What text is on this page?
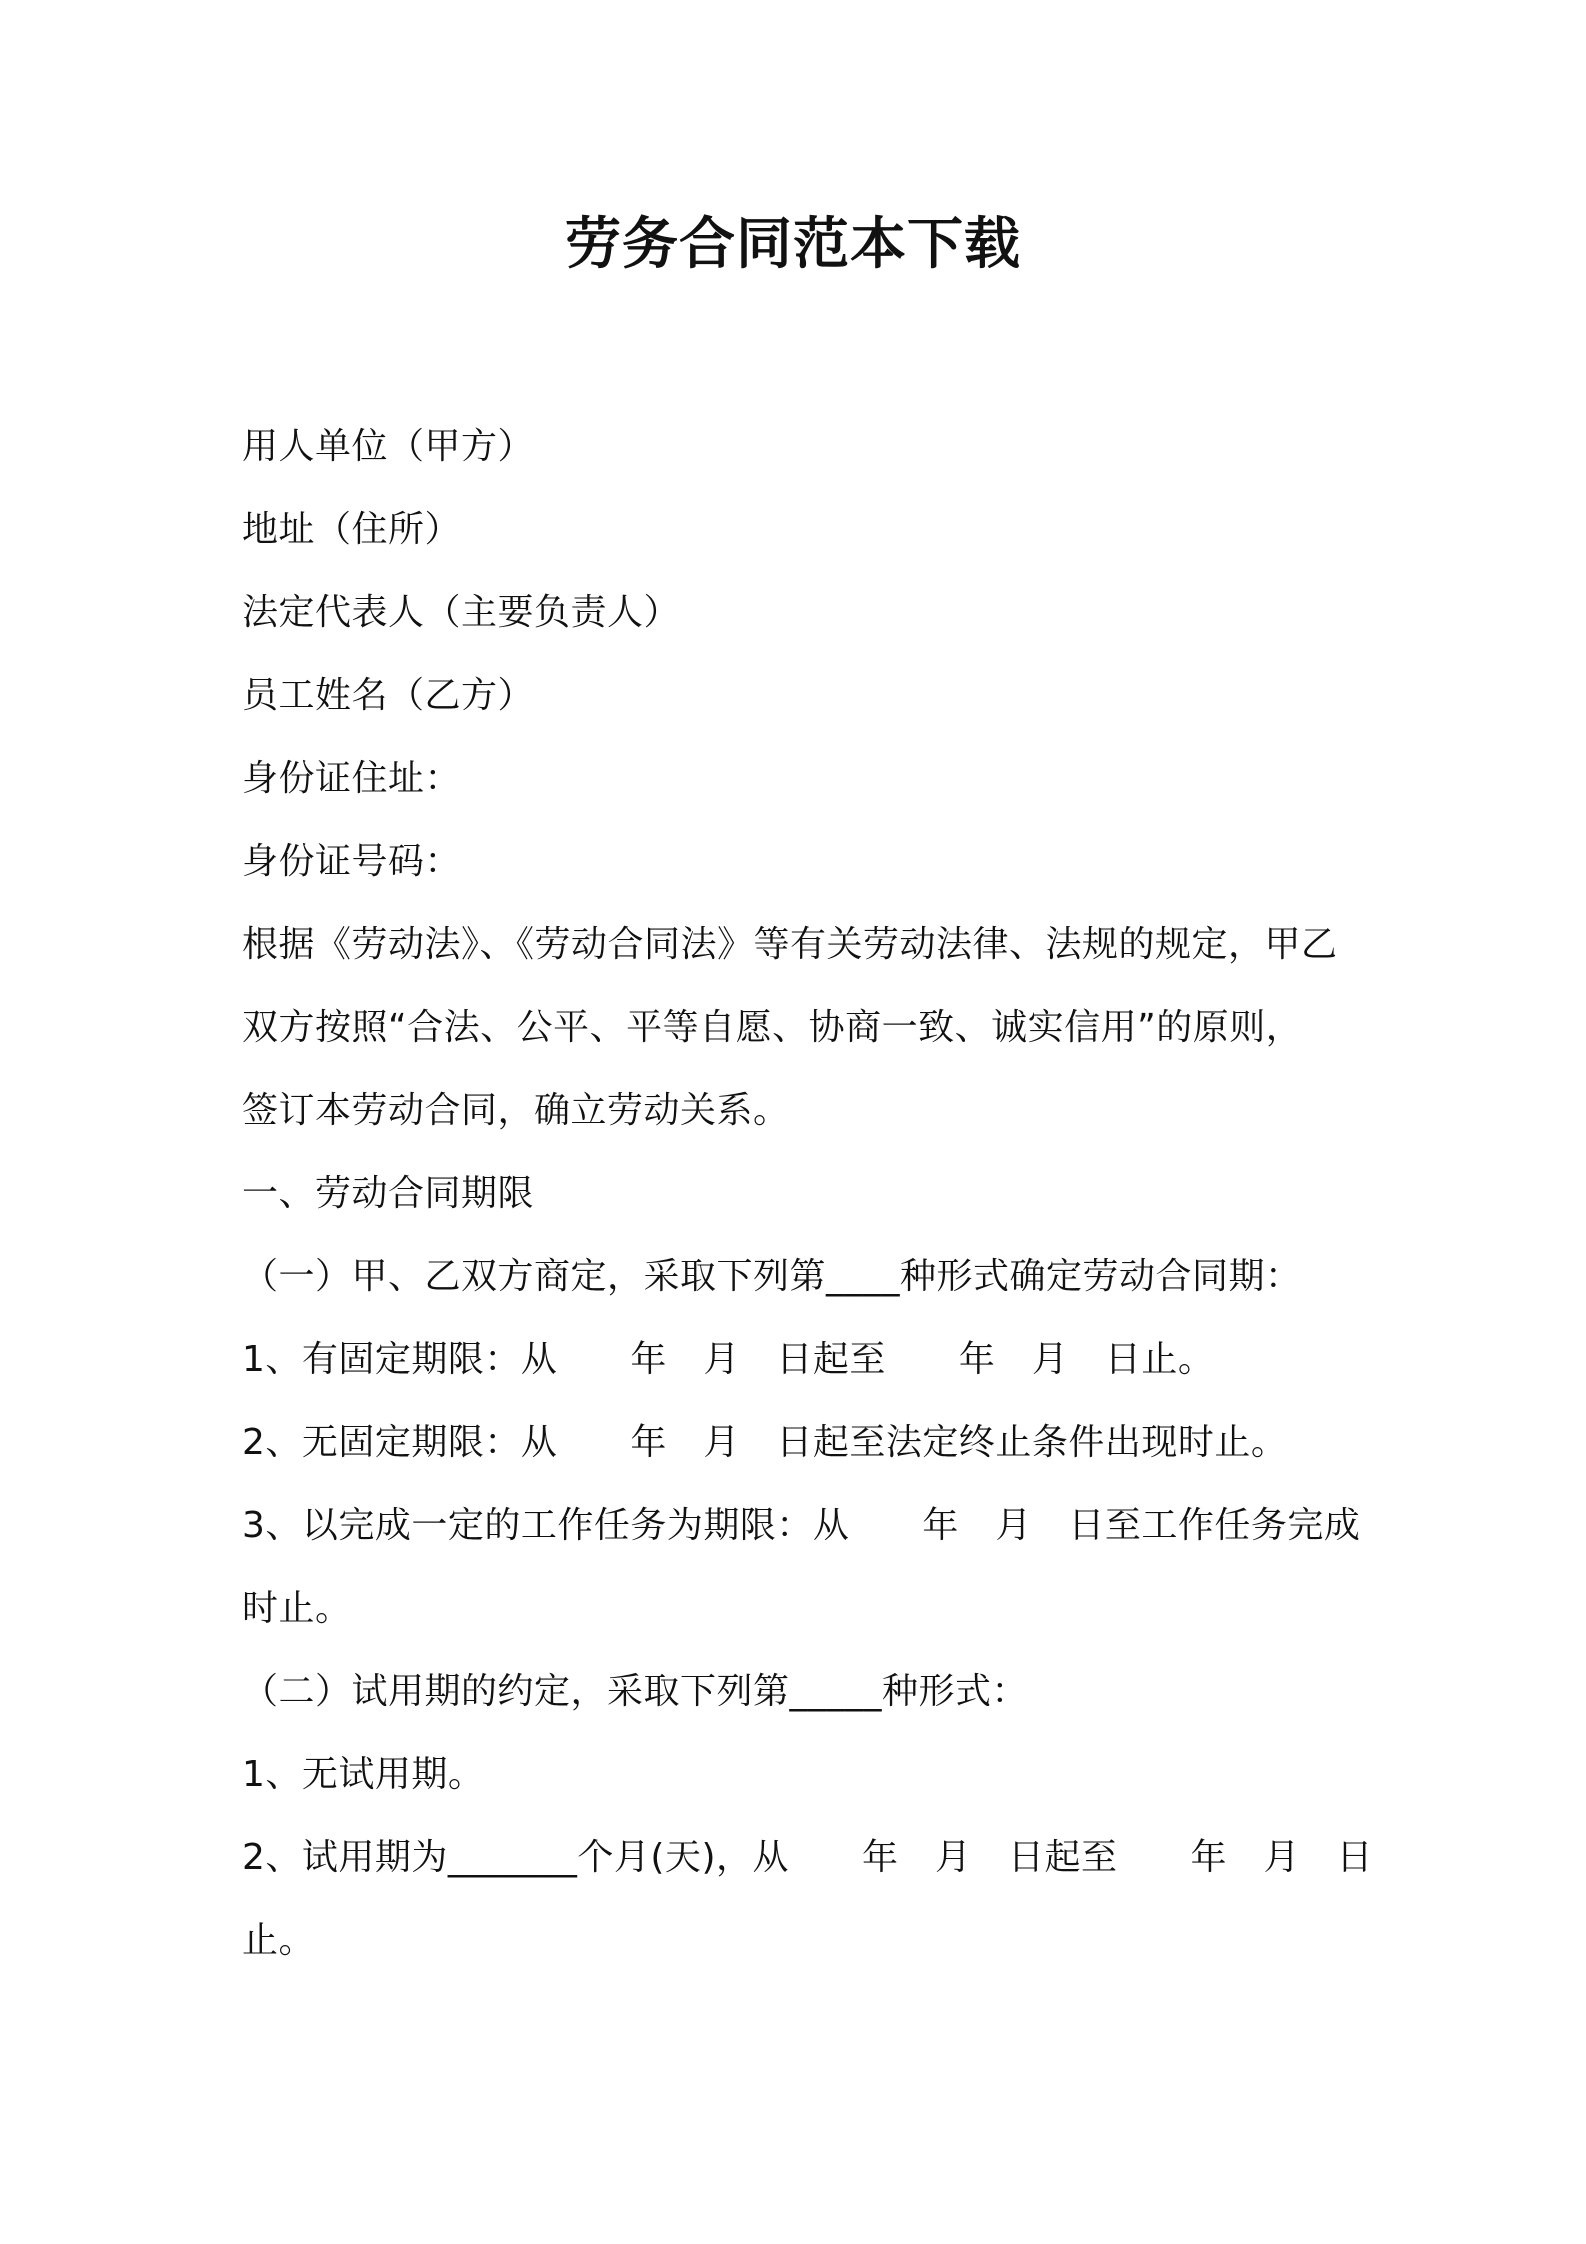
劳务合同范本下载
用人单位（甲方）
地址（住所）
法定代表人（主要负责人）
员工姓名（乙方）
身份证住址：
身份证号码：
根据《劳动法》、《劳动合同法》等有关劳动法律、法规的规定，甲乙
双方按照“合法、公平、平等自愿、协商一致、诚实信用”的原则，
签订本劳动合同，确立劳动关系。
一、劳动合同期限
（一）甲、乙双方商定，采取下列第____种形式确定劳动合同期：
1、有固定期限：从　　年　月　日起至　　年　月　日止。
2、无固定期限：从　　年　月　日起至法定终止条件出现时止。
3、以完成一定的工作任务为期限：从　　年　月　日至工作任务完成
时止。
（二）试用期的约定，采取下列第_____种形式：
1、无试用期。
2、试用期为_______个月(天)，从　　年　月　日起至　　年　月　日
止。
